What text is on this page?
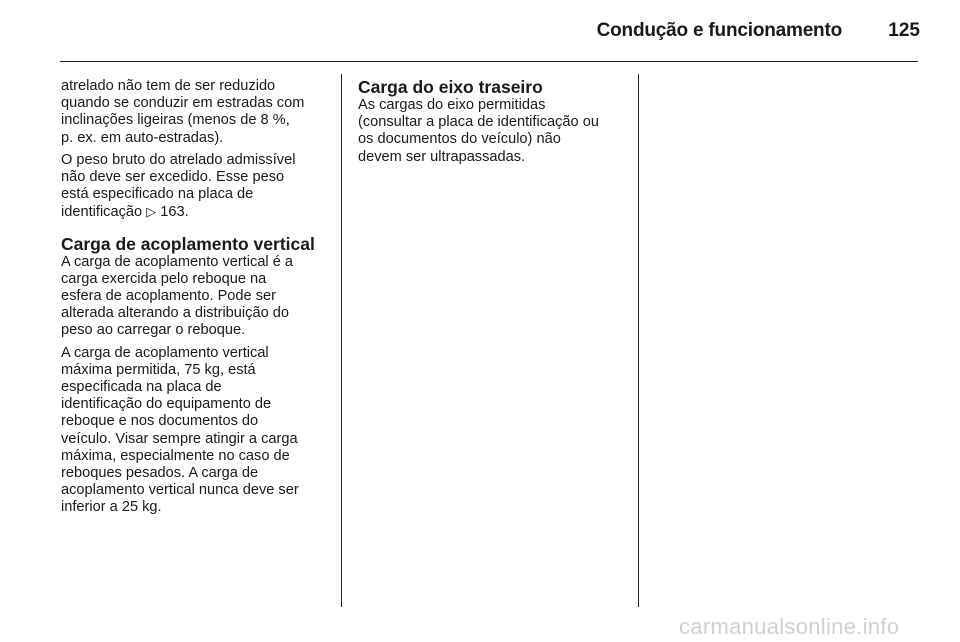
Condução e funcionamento 125

atrelado não tem de ser reduzido
quando se conduzir em estradas com
inclinações ligeiras (menos de 8 %,
p. ex. em auto-estradas).

O peso bruto do atrelado admissível
não deve ser excedido. Esse peso
está especificado na placa de
identificação ▷ 163.

Carga de acoplamento vertical

A carga de acoplamento vertical é a
carga exercida pelo reboque na
esfera de acoplamento. Pode ser
alterada alterando a distribuição do
peso ao carregar o reboque.

A carga de acoplamento vertical
máxima permitida, 75 kg, está
especificada na placa de
identificação do equipamento de
reboque e nos documentos do
veículo. Visar sempre atingir a carga
máxima, especialmente no caso de
reboques pesados. A carga de
acoplamento vertical nunca deve ser
inferior a 25 kg.

Carga do eixo traseiro

As cargas do eixo permitidas
(consultar a placa de identificação ou
os documentos do veículo) não
devem ser ultrapassadas.

carmanualsonline.info
